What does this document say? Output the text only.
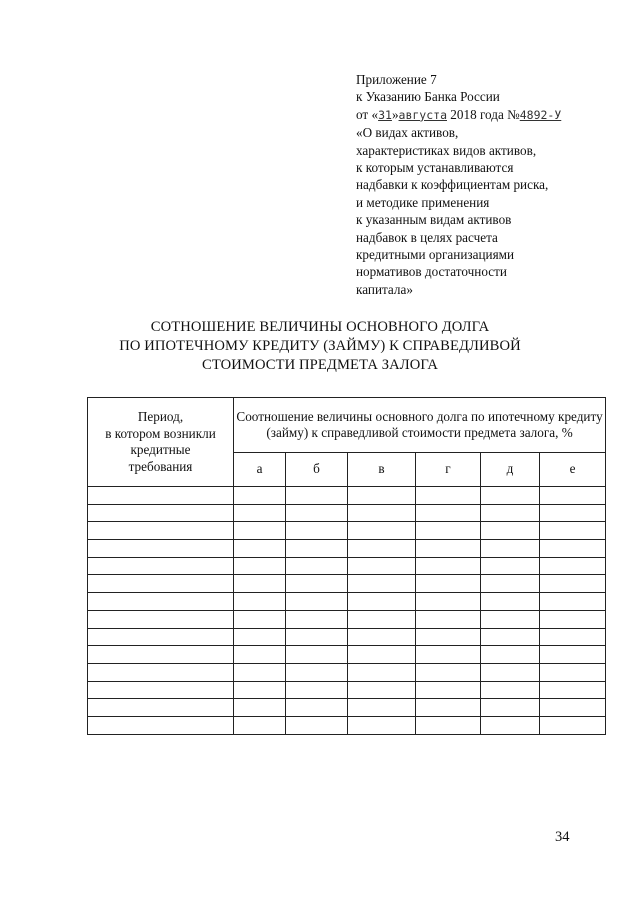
Приложение 7
к Указанию Банка России
от «31»августа 2018 года №4892-У
«О видах активов,
характеристиках видов активов,
к которым устанавливаются
надбавки к коэффициентам риска,
и методике применения
к указанным видам активов
надбавок в целях расчета
кредитными организациями
нормативов достаточности
капитала»
СОТНОШЕНИЕ ВЕЛИЧИНЫ ОСНОВНОГО ДОЛГА
ПО ИПОТЕЧНОМУ КРЕДИТУ (ЗАЙМУ) К СПРАВЕДЛИВОЙ
СТОИМОСТИ ПРЕДМЕТА ЗАЛОГА
Период,
в котором возникли
кредитные
требования	Соотношение величины основного долга по ипотечному кредиту (займу) к справедливой стоимости предмета залога, %					
	а	б	в	г	д	е

34
